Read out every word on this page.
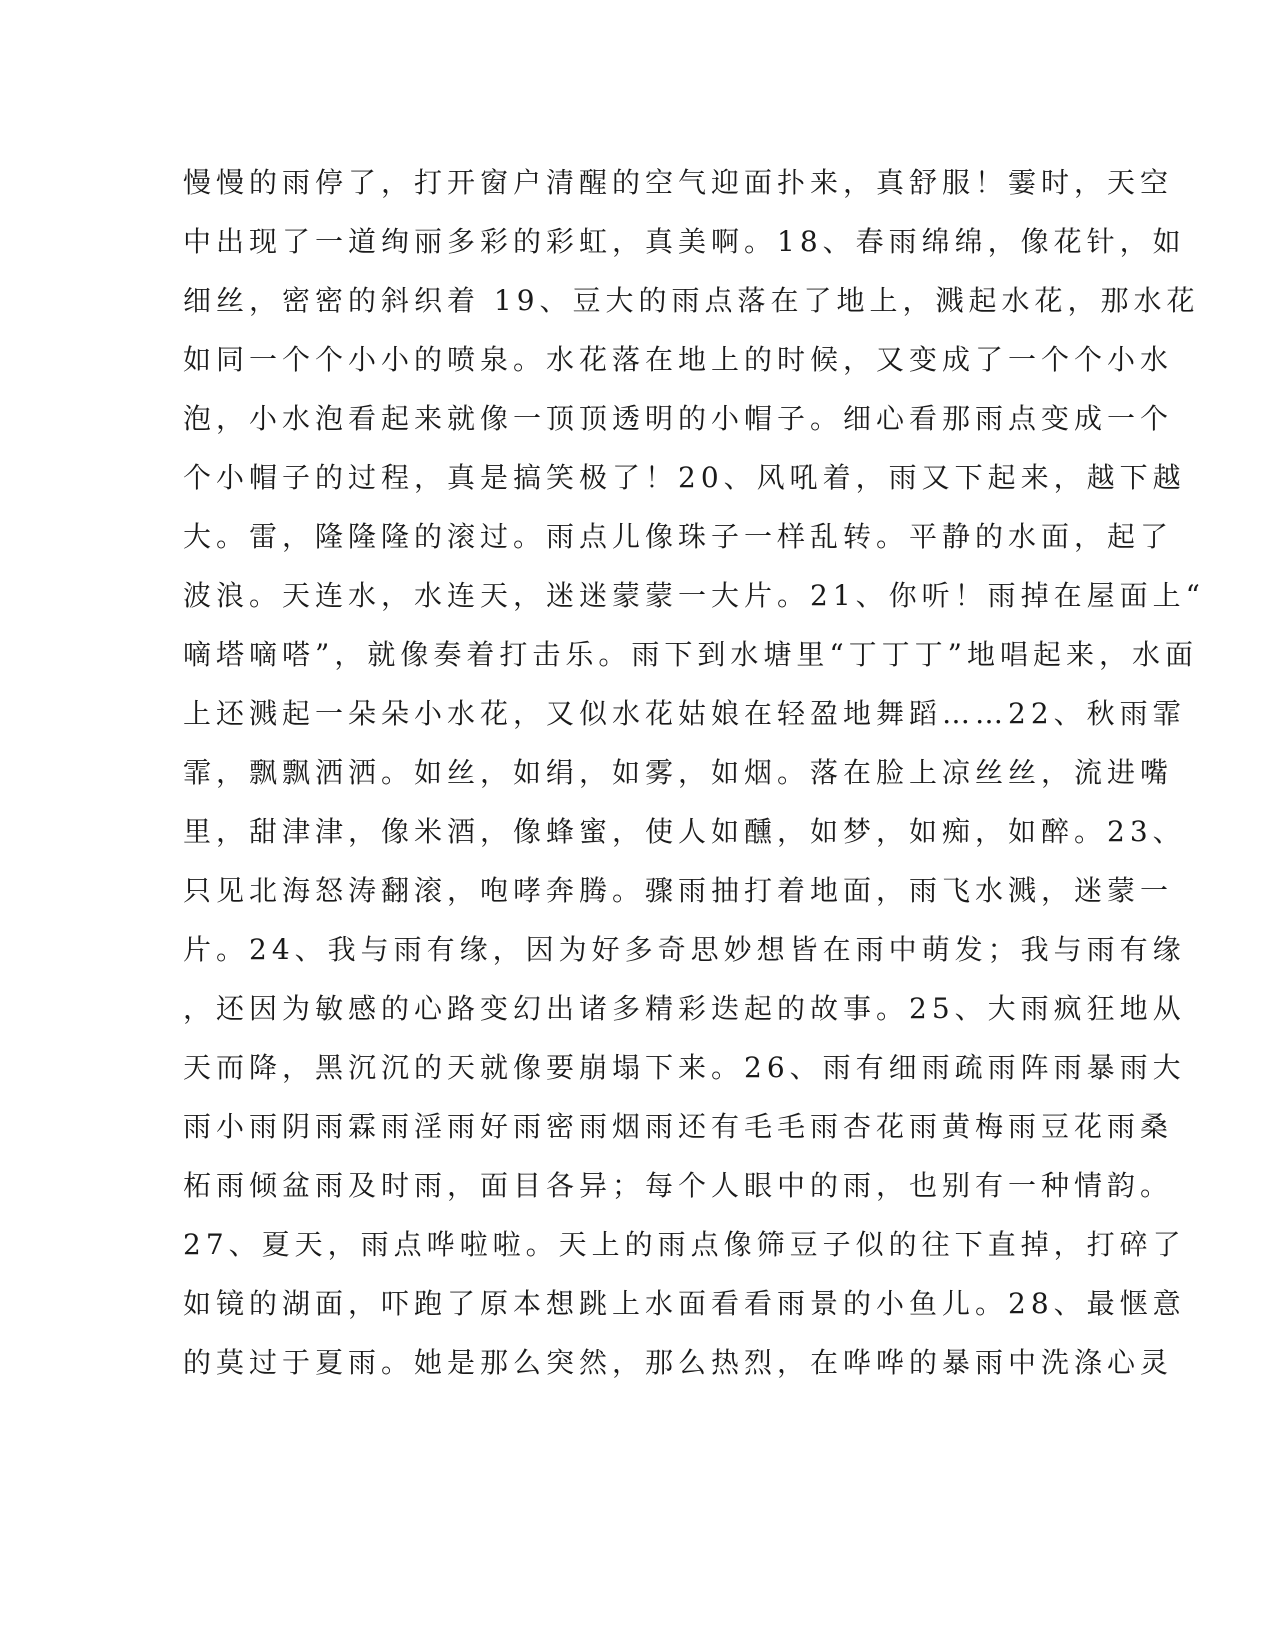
慢慢的雨停了，打开窗户清醒的空气迎面扑来，真舒服！霎时，天空
中出现了一道绚丽多彩的彩虹，真美啊。18、春雨绵绵，像花针，如
细丝，密密的斜织着 19、豆大的雨点落在了地上，溅起水花，那水花
如同一个个小小的喷泉。水花落在地上的时候，又变成了一个个小水
泡，小水泡看起来就像一顶顶透明的小帽子。细心看那雨点变成一个
个小帽子的过程，真是搞笑极了！20、风吼着，雨又下起来，越下越
大。雷，隆隆隆的滚过。雨点儿像珠子一样乱转。平静的水面，起了
波浪。天连水，水连天，迷迷蒙蒙一大片。21、你听！雨掉在屋面上“
嘀塔嘀嗒”，就像奏着打击乐。雨下到水塘里“丁丁丁”地唱起来，水面
上还溅起一朵朵小水花，又似水花姑娘在轻盈地舞蹈……22、秋雨霏
霏，飘飘洒洒。如丝，如绢，如雾，如烟。落在脸上凉丝丝，流进嘴
里，甜津津，像米酒，像蜂蜜，使人如醺，如梦，如痴，如醉。23、
只见北海怒涛翻滚，咆哮奔腾。骤雨抽打着地面，雨飞水溅，迷蒙一
片。24、我与雨有缘，因为好多奇思妙想皆在雨中萌发；我与雨有缘
，还因为敏感的心路变幻出诸多精彩迭起的故事。25、大雨疯狂地从
天而降，黑沉沉的天就像要崩塌下来。26、雨有细雨疏雨阵雨暴雨大
雨小雨阴雨霖雨淫雨好雨密雨烟雨还有毛毛雨杏花雨黄梅雨豆花雨桑
柘雨倾盆雨及时雨，面目各异；每个人眼中的雨，也别有一种情韵。
27、夏天，雨点哗啦啦。天上的雨点像筛豆子似的往下直掉，打碎了
如镜的湖面，吓跑了原本想跳上水面看看雨景的小鱼儿。28、最惬意
的莫过于夏雨。她是那么突然，那么热烈，在哗哗的暴雨中洗涤心灵
